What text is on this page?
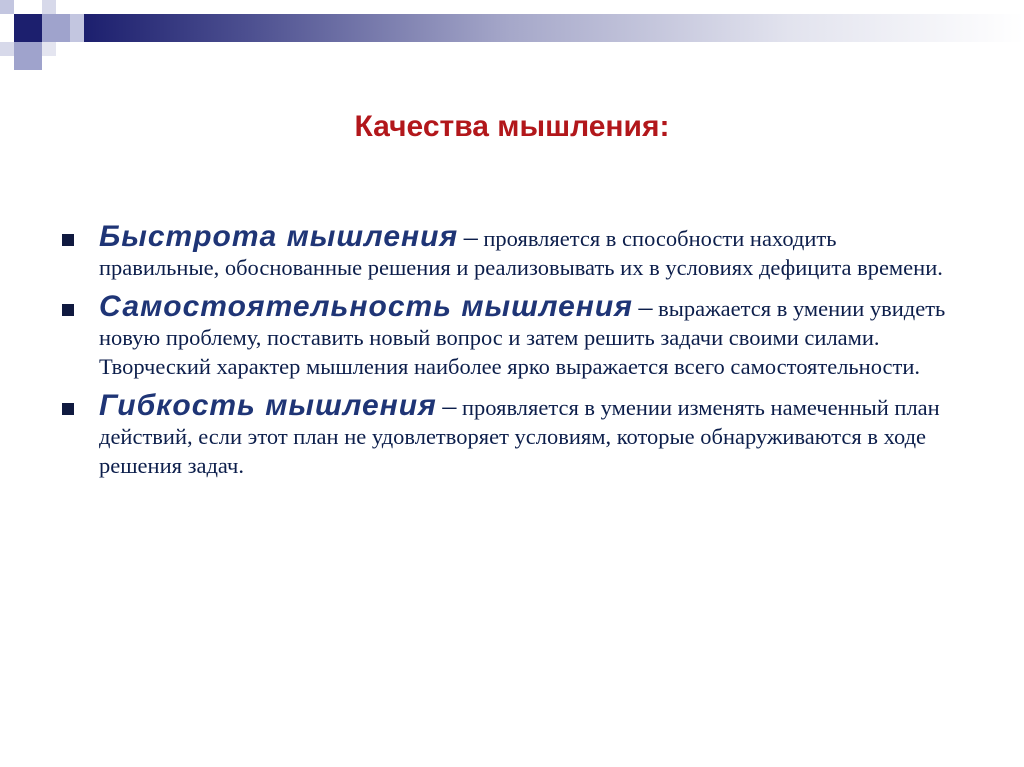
Качества мышления:
Быстрота мышления – проявляется в способности находить правильные, обоснованные решения и реализовывать их в условиях дефицита времени.
Самостоятельность мышления – выражается в умении увидеть новую проблему, поставить новый вопрос и затем решить задачи своими силами. Творческий характер мышления наиболее ярко выражается всего самостоятельности.
Гибкость мышления – проявляется в умении изменять намеченный план действий, если этот план не удовлетворяет условиям, которые обнаруживаются в ходе решения задач.
